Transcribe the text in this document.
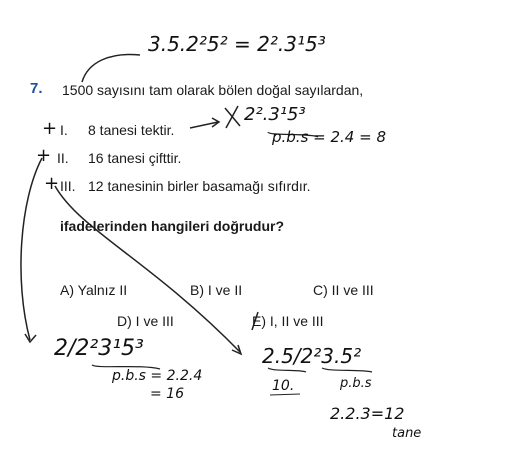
3.5.2²5² = 2².3¹5³
7. 1500 sayısını tam olarak bölen doğal sayılardan,
+ I. 8 tanesi tektir.
+ II. 16 tanesi çifttir.
+ III. 12 tanesinin birler basamağı sıfırdır.
2².3¹5³
p.b.s = 2.4 = 8
ifadelerinden hangileri doğrudur?
A) Yalnız II	B) I ve II	C) II ve III
D) I ve III	E) I, II ve III
2/2²3¹5³
p.b.s = 2.2.4
= 16
2.5/2²3.5²
10.	p.b.s
2.2.3=12
tane
